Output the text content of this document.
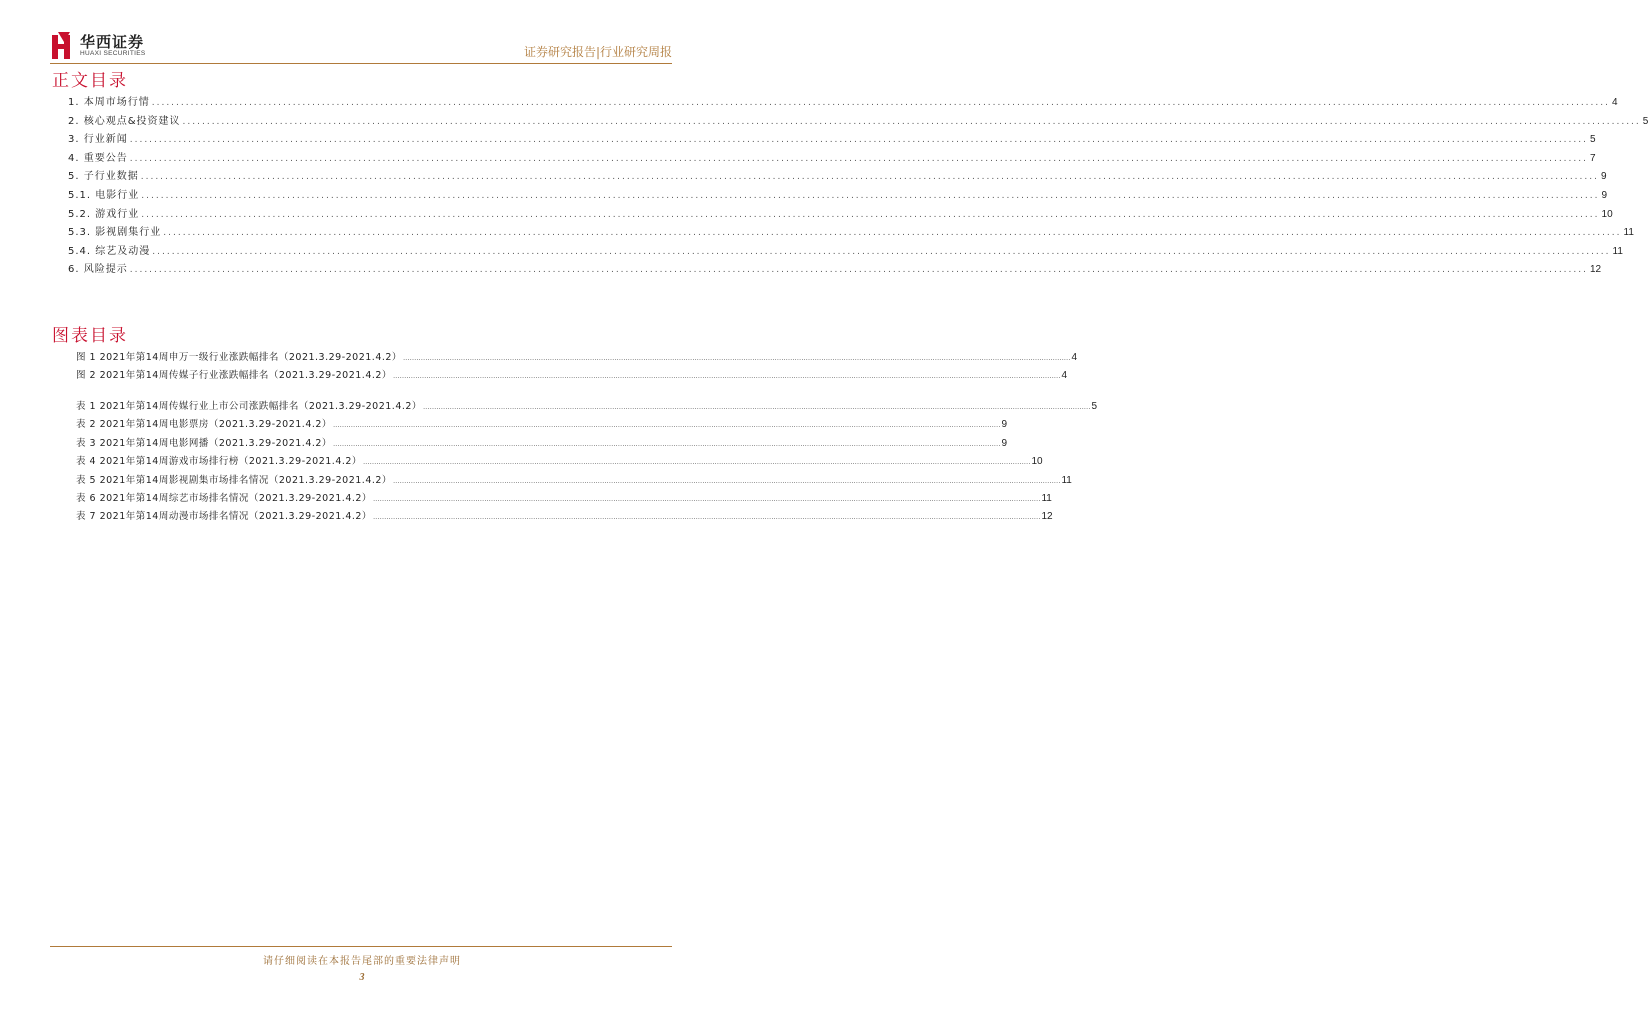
华西证券
HUAXI SECURITIES	证券研究报告|行业研究周报
正文目录
1. 本周市场行情 ............................................................................................................................................................................................................................................................................................................ 4
2. 核心观点&投资建议 ............................................................................................................................................................................................................................................................................................................ 5
3. 行业新闻 ............................................................................................................................................................................................................................................................................................................ 5
4. 重要公告 ............................................................................................................................................................................................................................................................................................................ 7
5. 子行业数据 ............................................................................................................................................................................................................................................................................................................ 9
5.1. 电影行业 ............................................................................................................................................................................................................................................................................................................ 9
5.2. 游戏行业 ............................................................................................................................................................................................................................................................................................................ 10
5.3. 影视剧集行业 ............................................................................................................................................................................................................................................................................................................ 11
5.4. 综艺及动漫 ............................................................................................................................................................................................................................................................................................................ 11
6. 风险提示 ............................................................................................................................................................................................................................................................................................................ 12
图表目录
图 1 2021年第14周申万一级行业涨跌幅排名（2021.3.29-2021.4.2） ............................................................................................................................................................................................................................................................................................................ 4
图 2 2021年第14周传媒子行业涨跌幅排名（2021.3.29-2021.4.2） ............................................................................................................................................................................................................................................................................................................ 4
表 1 2021年第14周传媒行业上市公司涨跌幅排名（2021.3.29-2021.4.2） ............................................................................................................................................................................................................................................................................................................ 5
表 2 2021年第14周电影票房（2021.3.29-2021.4.2） ............................................................................................................................................................................................................................................................................................................ 9
表 3 2021年第14周电影网播（2021.3.29-2021.4.2） ............................................................................................................................................................................................................................................................................................................ 9
表 4 2021年第14周游戏市场排行榜（2021.3.29-2021.4.2） ............................................................................................................................................................................................................................................................................................................ 10
表 5 2021年第14周影视剧集市场排名情况（2021.3.29-2021.4.2） ............................................................................................................................................................................................................................................................................................................ 11
表 6 2021年第14周综艺市场排名情况（2021.3.29-2021.4.2） ............................................................................................................................................................................................................................................................................................................ 11
表 7 2021年第14周动漫市场排名情况（2021.3.29-2021.4.2） ............................................................................................................................................................................................................................................................................................................ 12
请仔细阅读在本报告尾部的重要法律声明
3
